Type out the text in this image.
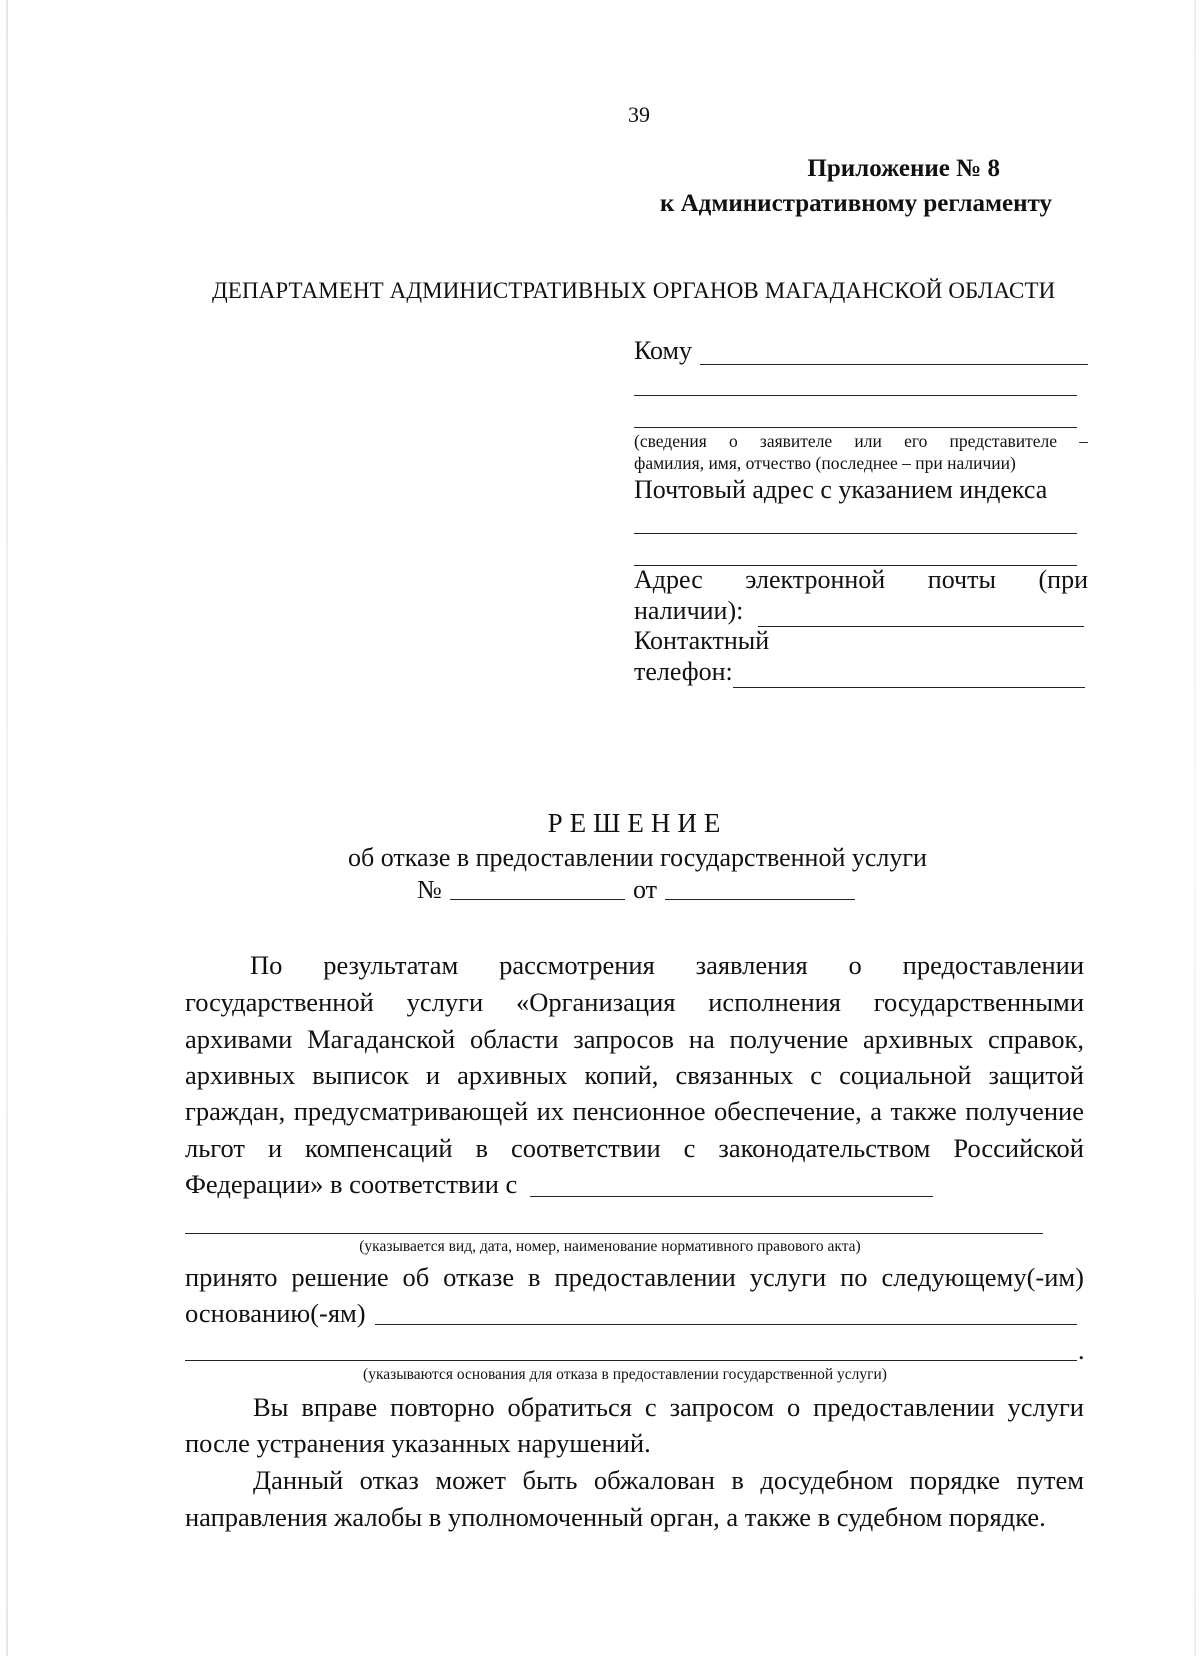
39
Приложение № 8
к Административному регламенту
ДЕПАРТАМЕНТ АДМИНИСТРАТИВНЫХ ОРГАНОВ МАГАДАНСКОЙ ОБЛАСТИ
Кому
(сведения о заявителе или его представителе –
фамилия, имя, отчество (последнее – при наличии)
Почтовый адрес с указанием индекса
Адрес электронной почты (при
наличии):
Контактный
телефон:
РЕШЕНИЕ
об отказе в предоставлении государственной услуги
№	от
По результатам рассмотрения заявления о предоставлении
государственной услуги «Организация исполнения государственными
архивами Магаданской области запросов на получение архивных справок,
архивных выписок и архивных копий, связанных с социальной защитой
граждан, предусматривающей их пенсионное обеспечение, а также получение
льгот и компенсаций в соответствии с законодательством Российской
Федерации» в соответствии с
(указывается вид, дата, номер, наименование нормативного правового акта)
принято решение об отказе в предоставлении услуги по следующему(-им)
основанию(-ям)
.
(указываются основания для отказа в предоставлении государственной услуги)
Вы вправе повторно обратиться с запросом о предоставлении услуги
после устранения указанных нарушений.
Данный отказ может быть обжалован в досудебном порядке путем
направления жалобы в уполномоченный орган, а также в судебном порядке.
